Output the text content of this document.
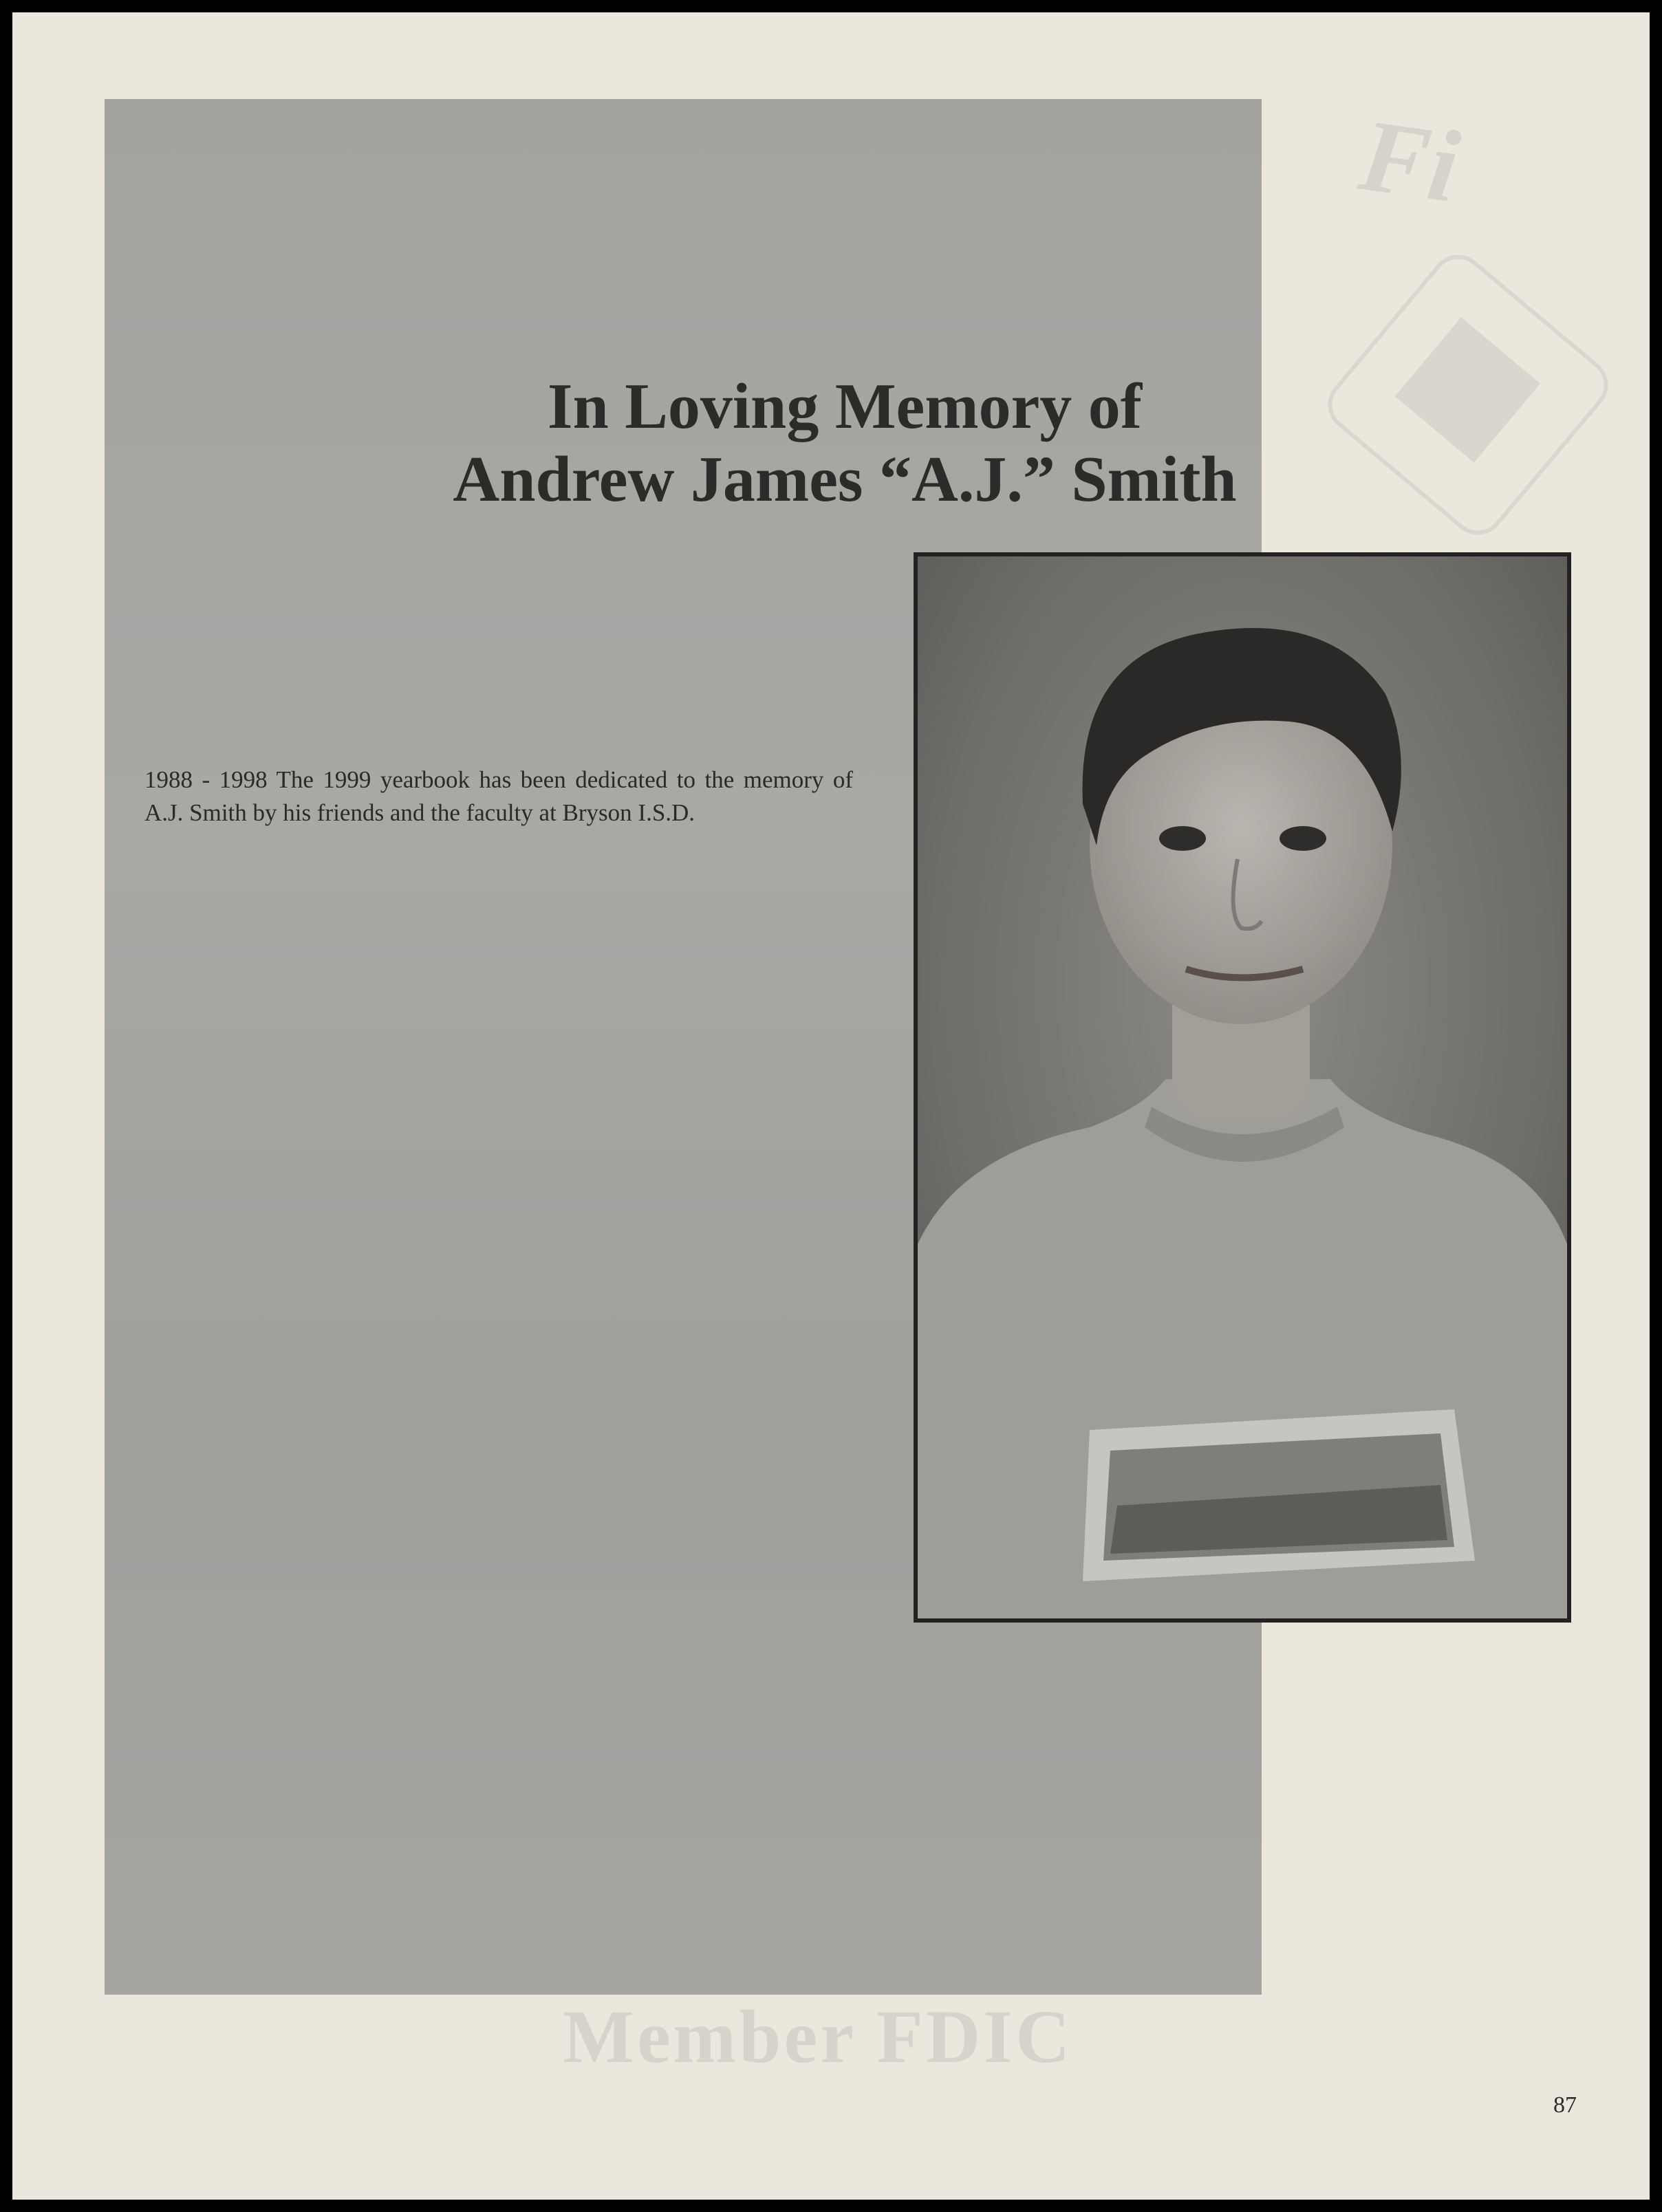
Fi
Member FDIC
In Loving Memory of
Andrew James “A.J.” Smith

1988 - 1998 The 1999 yearbook has been dedicated to the memory of A.J. Smith by his friends and the faculty at Bryson I.S.D.

87
